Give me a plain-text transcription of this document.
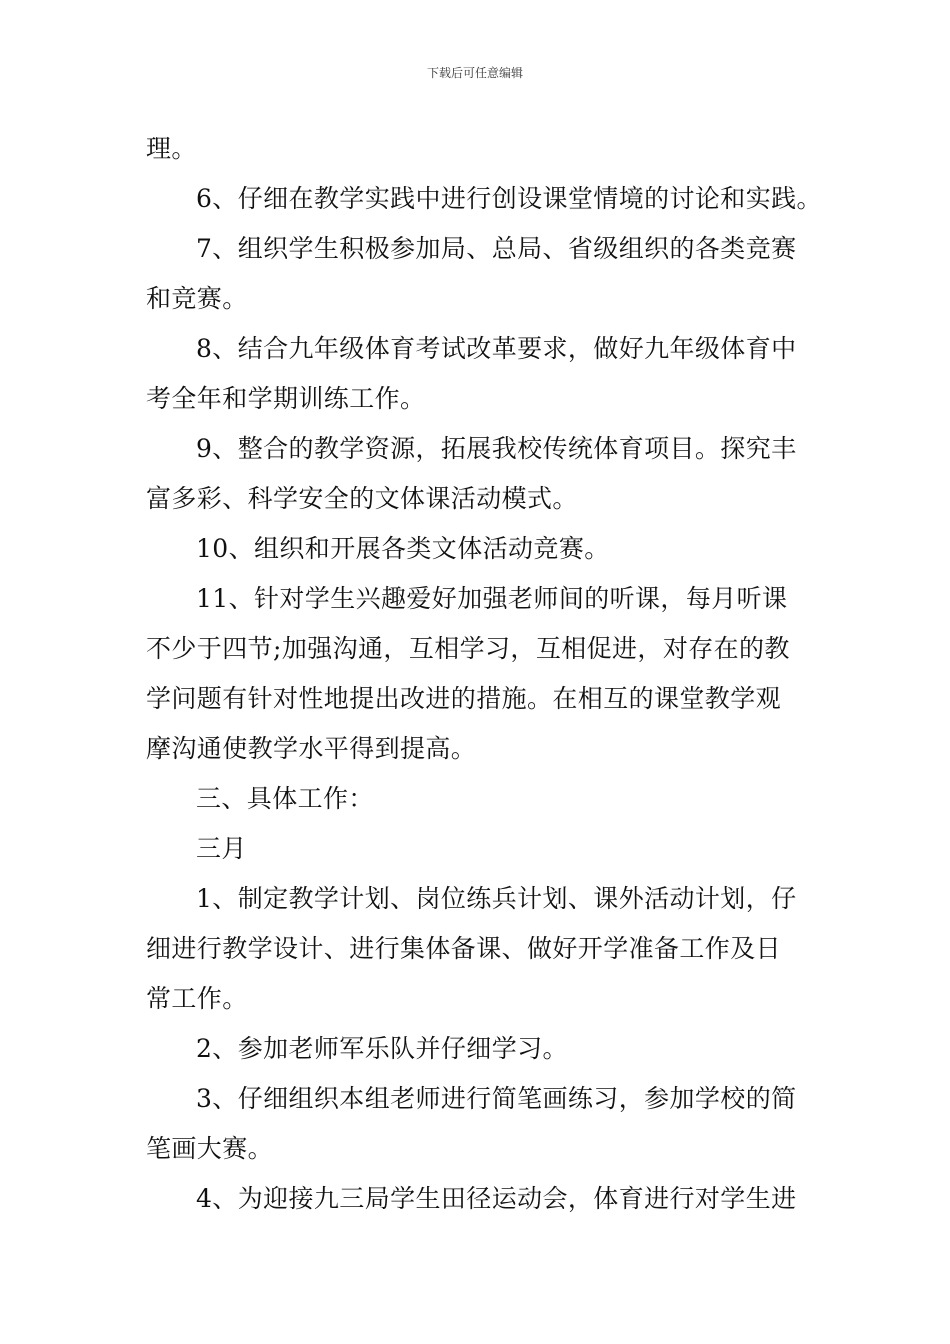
下载后可任意编辑
理。
6、仔细在教学实践中进行创设课堂情境的讨论和实践。
7、组织学生积极参加局、总局、省级组织的各类竞赛
和竞赛。
8、结合九年级体育考试改革要求，做好九年级体育中
考全年和学期训练工作。
9、整合的教学资源，拓展我校传统体育项目。探究丰
富多彩、科学安全的文体课活动模式。
10、组织和开展各类文体活动竞赛。
11、针对学生兴趣爱好加强老师间的听课，每月听课
不少于四节;加强沟通，互相学习，互相促进，对存在的教
学问题有针对性地提出改进的措施。在相互的课堂教学观
摩沟通使教学水平得到提高。
三、具体工作：
三月
1、制定教学计划、岗位练兵计划、课外活动计划，仔
细进行教学设计、进行集体备课、做好开学准备工作及日
常工作。
2、参加老师军乐队并仔细学习。
3、仔细组织本组老师进行简笔画练习，参加学校的简
笔画大赛。
4、为迎接九三局学生田径运动会，体育进行对学生进
